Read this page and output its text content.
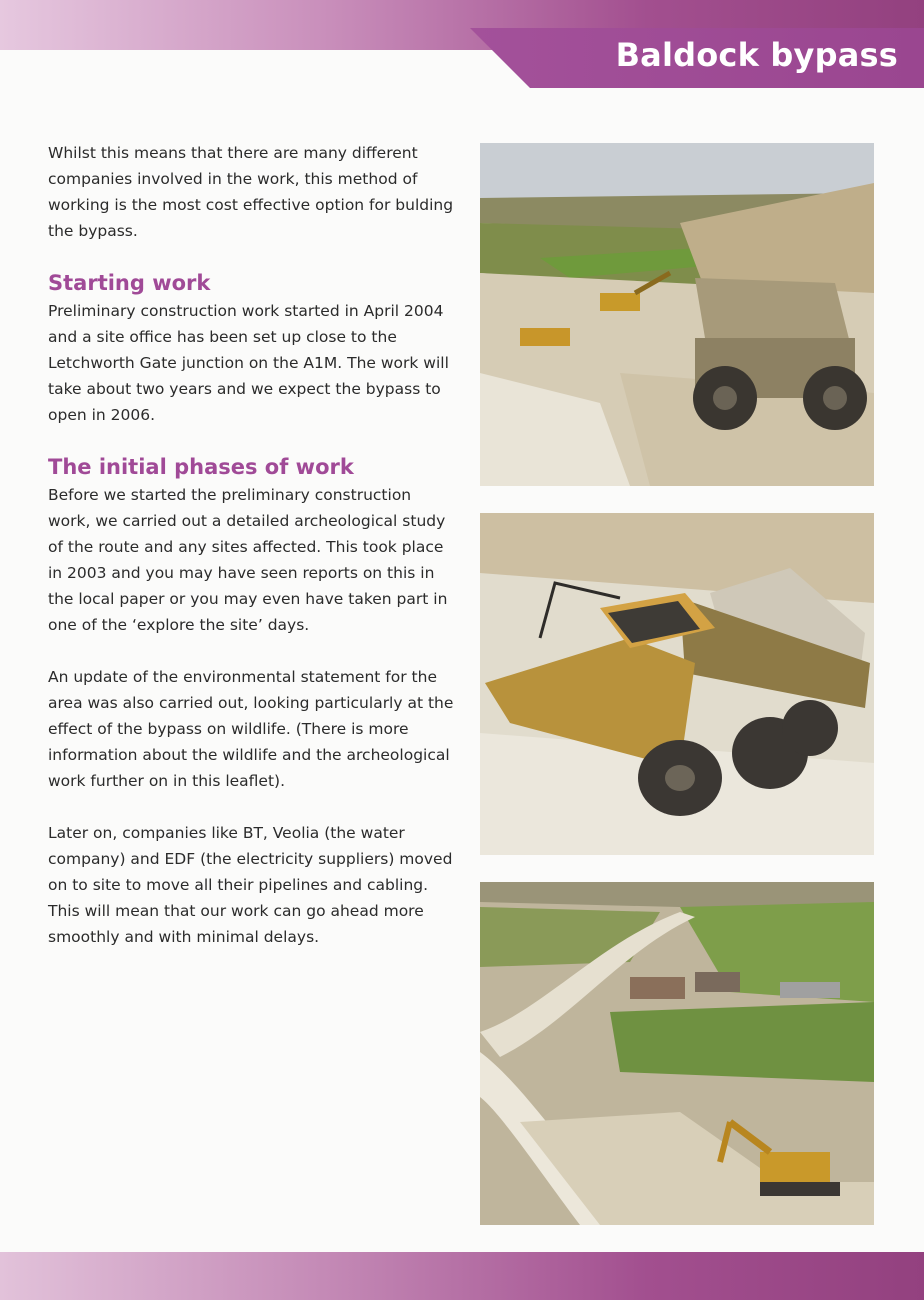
Baldock bypass

Whilst this means that there are many different companies involved in the work, this method of working is the most cost effective option for bulding the bypass.

Starting work

Preliminary construction work started in April 2004 and a site office has been set up close to the Letchworth Gate junction on the A1M. The work will take about two years and we expect the bypass to open in 2006.

The initial phases of work

Before we started the preliminary construction work, we carried out a detailed archeological study of the route and any sites affected. This took place in 2003 and you may have seen reports on this in the local paper or you may even have taken part in one of the ‘explore the site’ days.

An update of the environmental statement for the area was also carried out, looking particularly at the effect of the bypass on wildlife. (There is more information about the wildlife and the archeological work further on in this leaflet).

Later on, companies like BT, Veolia (the water company) and EDF (the electricity suppliers) moved on to site to move all their pipelines and cabling. This will mean that our work can go ahead more smoothly and with minimal delays.
